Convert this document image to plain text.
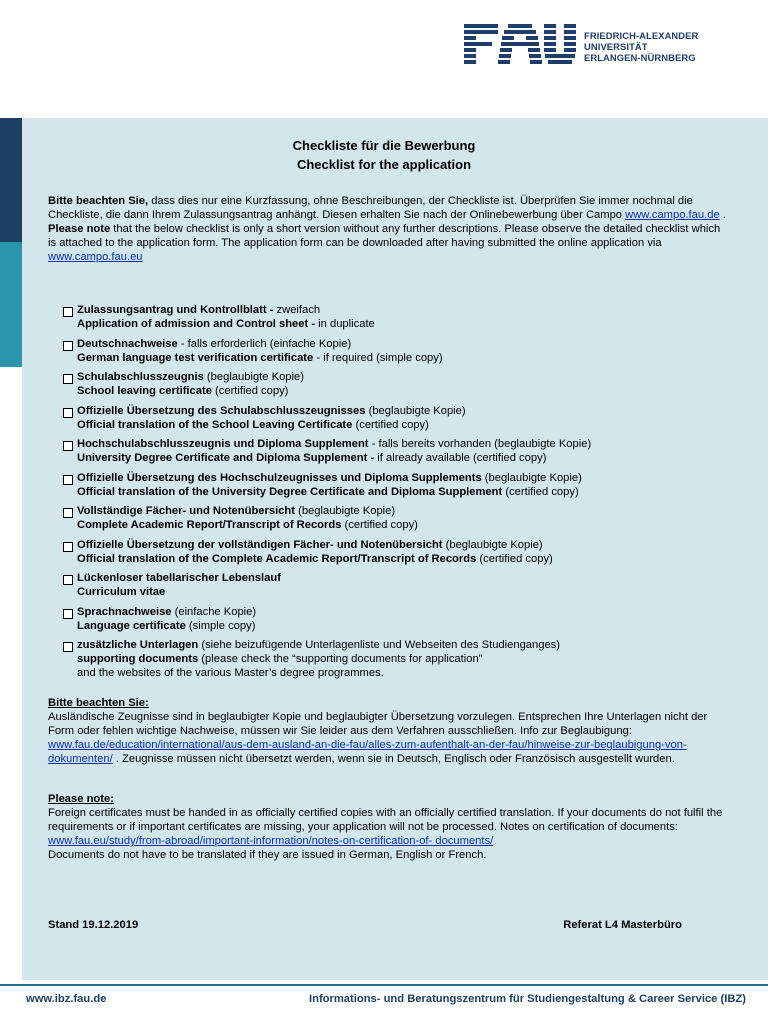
FRIEDRICH-ALEXANDER
UNIVERSITÄT
ERLANGEN-NÜRNBERG
Checkliste für die Bewerbung
Checklist for the application

Bitte beachten Sie, dass dies nur eine Kurzfassung, ohne Beschreibungen, der Checkliste ist. Überprüfen Sie immer nochmal die Checkliste, die dann Ihrem Zulassungsantrag anhängt. Diesen erhalten Sie nach der Onlinebewerbung über Campo www.campo.fau.de .

Please note that the below checklist is only a short version without any further descriptions. Please observe the detailed checklist which is attached to the application form. The application form can be downloaded after having submitted the online application via www.campo.fau.eu

Zulassungsantrag und Kontrollblatt - zweifach
Application of admission and Control sheet - in duplicate
Deutschnachweise - falls erforderlich (einfache Kopie)
German language test verification certificate - if required (simple copy)
Schulabschlusszeugnis (beglaubigte Kopie)
School leaving certificate (certified copy)
Offizielle Übersetzung des Schulabschlusszeugnisses (beglaubigte Kopie)
Official translation of the School Leaving Certificate (certified copy)
Hochschulabschlusszeugnis und Diploma Supplement - falls bereits vorhanden (beglaubigte Kopie)
University Degree Certificate and Diploma Supplement - if already available (certified copy)
Offizielle Übersetzung des Hochschulzeugnisses und Diploma Supplements (beglaubigte Kopie)
Official translation of the University Degree Certificate and Diploma Supplement (certified copy)
Vollständige Fächer- und Notenübersicht (beglaubigte Kopie)
Complete Academic Report/Transcript of Records (certified copy)
Offizielle Übersetzung der vollständigen Fächer- und Notenübersicht (beglaubigte Kopie)
Official translation of the Complete Academic Report/Transcript of Records (certified copy)
Lückenloser tabellarischer Lebenslauf
Curriculum vitae
Sprachnachweise (einfache Kopie)
Language certificate (simple copy)
zusätzliche Unterlagen (siehe beizufügende Unterlagenliste und Webseiten des Studienganges)
supporting documents (please check the “supporting documents for application”
and the websites of the various Master’s degree programmes.
Bitte beachten Sie:
Ausländische Zeugnisse sind in beglaubigter Kopie und beglaubigter Übersetzung vorzulegen. Entsprechen Ihre Unterlagen nicht der Form oder fehlen wichtige Nachweise, müssen wir Sie leider aus dem Verfahren ausschließen. Info zur Beglaubigung: www.fau.de/education/international/aus-dem-ausland-an-die-fau/alles-zum-aufenthalt-an-der-fau/hinweise-zur-beglaubigung-von-dokumenten/ . Zeugnisse müssen nicht übersetzt werden, wenn sie in Deutsch, Englisch oder Französisch ausgestellt wurden.
Please note:
Foreign certificates must be handed in as officially certified copies with an officially certified translation. If your documents do not fulfil the requirements or if important certificates are missing, your application will not be processed. Notes on certification of documents: www.fau.eu/study/from-abroad/important-information/notes-on-certification-of- documents/
Documents do not have to be translated if they are issued in German, English or French.
Stand 19.12.2019	Referat L4 Masterbüro
www.ibz.fau.de	Informations- und Beratungszentrum für Studiengestaltung & Career Service (IBZ)
